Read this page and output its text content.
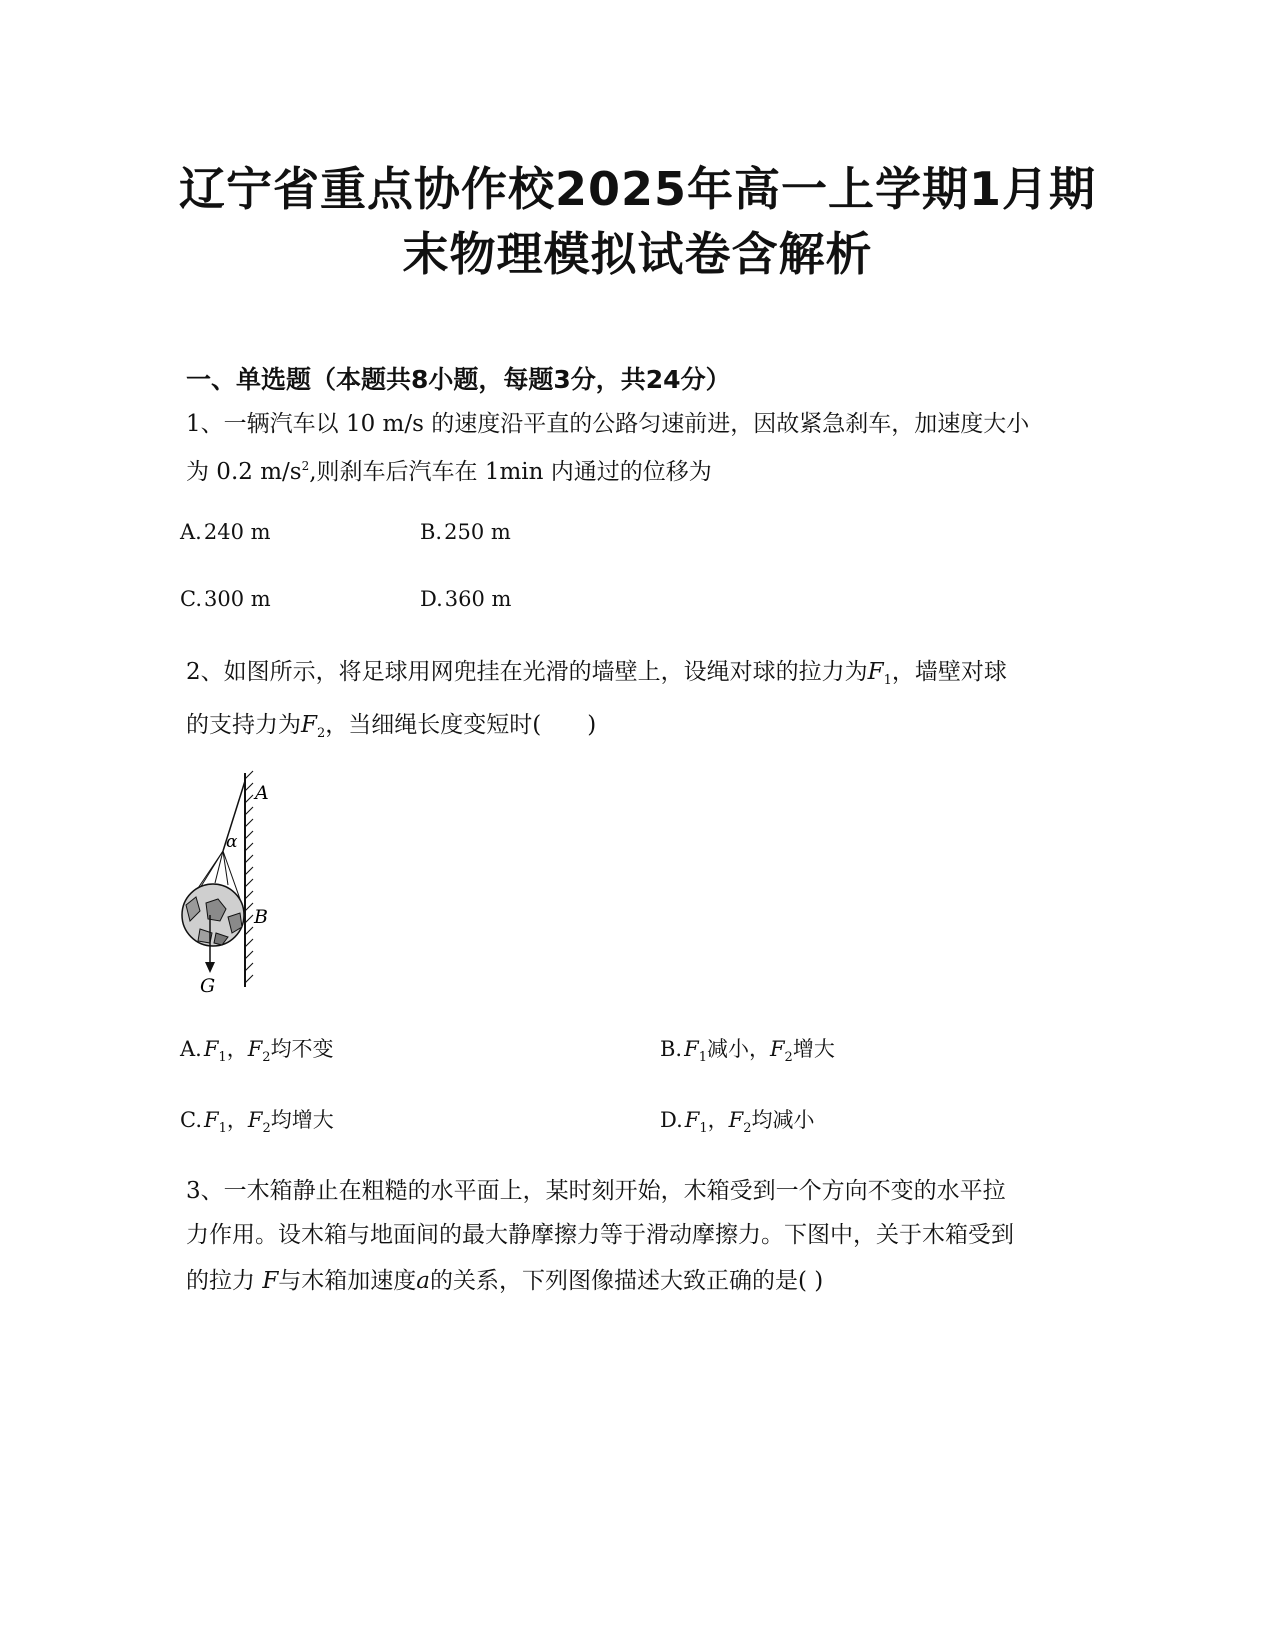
辽宁省重点协作校2025年高一上学期1月期
末物理模拟试卷含解析
一、单选题（本题共8小题，每题3分，共24分）
1、一辆汽车以 10 m/s 的速度沿平直的公路匀速前进，因故紧急刹车，加速度大小
为 0.2 $m/s^2$,则刹车后汽车在 1min 内通过的位移为
A.240 m	B.250 m
C.300 m	D.360 m
2、如图所示，将足球用网兜挂在光滑的墙壁上，设绳对球的拉力为$F_1$，墙壁对球
的支持力为$F_2$，当细绳长度变短时(　　)
A
α
B
G
$A.F_1$，$F_2$均不变	$B.F_1$减小，$F_2$增大
$C.F_1$，$F_2$均增大	$D.F_1$，$F_2$均减小
3、一木箱静止在粗糙的水平面上，某时刻开始，木箱受到一个方向不变的水平拉
力作用。设木箱与地面间的最大静摩擦力等于滑动摩擦力。下图中，关于木箱受到
的拉力 F与木箱加速度a的关系，下列图像描述大致正确的是( )
